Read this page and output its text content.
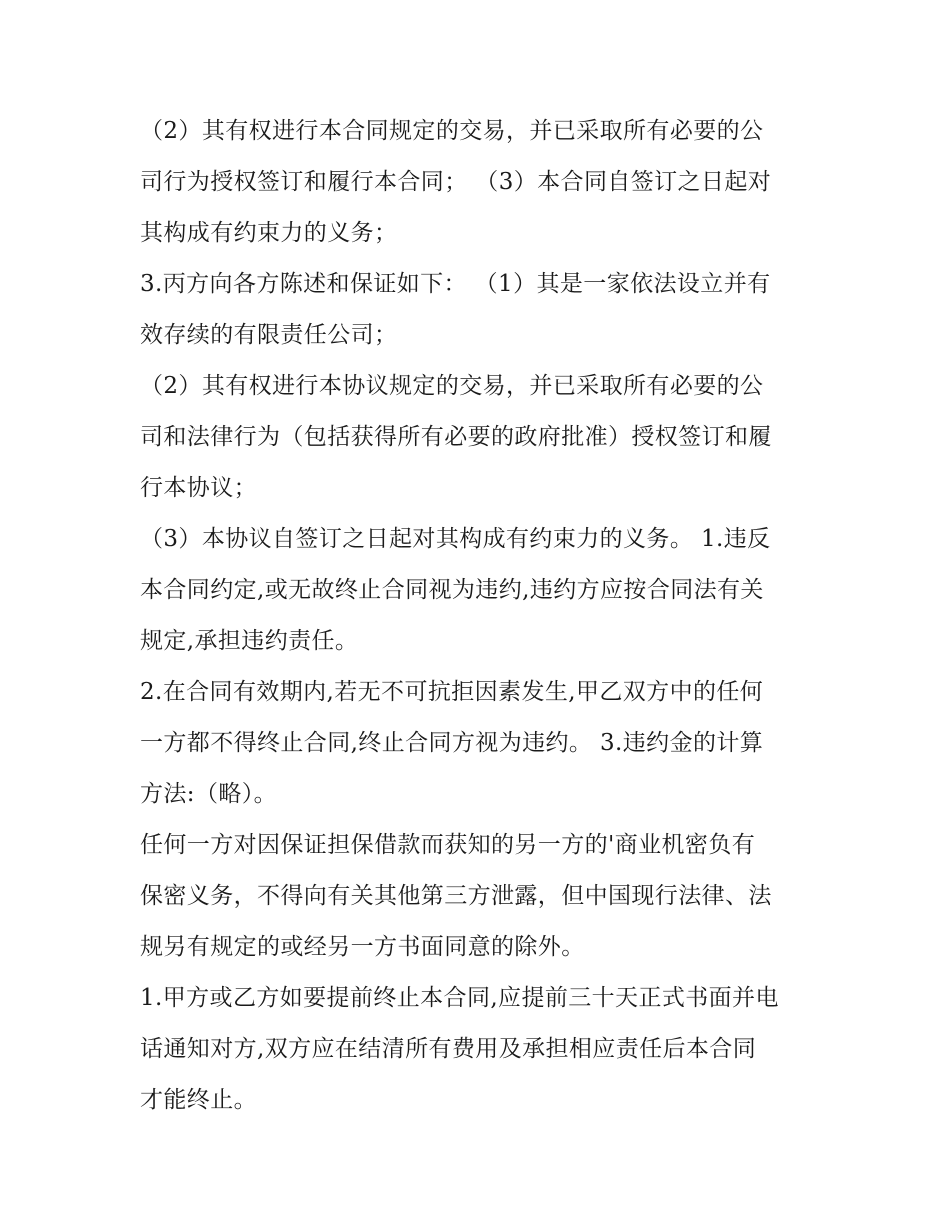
（2）其有权进行本合同规定的交易，并已采取所有必要的公
司行为授权签订和履行本合同； （3）本合同自签订之日起对
其构成有约束力的义务；
3.丙方向各方陈述和保证如下： （1）其是一家依法设立并有
效存续的有限责任公司；
（2）其有权进行本协议规定的交易，并已采取所有必要的公
司和法律行为（包括获得所有必要的政府批准）授权签订和履
行本协议；
（3）本协议自签订之日起对其构成有约束力的义务。 1.违反
本合同约定,或无故终止合同视为违约,违约方应按合同法有关
规定,承担违约责任。
2.在合同有效期内,若无不可抗拒因素发生,甲乙双方中的任何
一方都不得终止合同,终止合同方视为违约。 3.违约金的计算
方法:（略）。
任何一方对因保证担保借款而获知的另一方的'商业机密负有
保密义务，不得向有关其他第三方泄露，但中国现行法律、法
规另有规定的或经另一方书面同意的除外。
1.甲方或乙方如要提前终止本合同,应提前三十天正式书面并电
话通知对方,双方应在结清所有费用及承担相应责任后本合同
才能终止。
